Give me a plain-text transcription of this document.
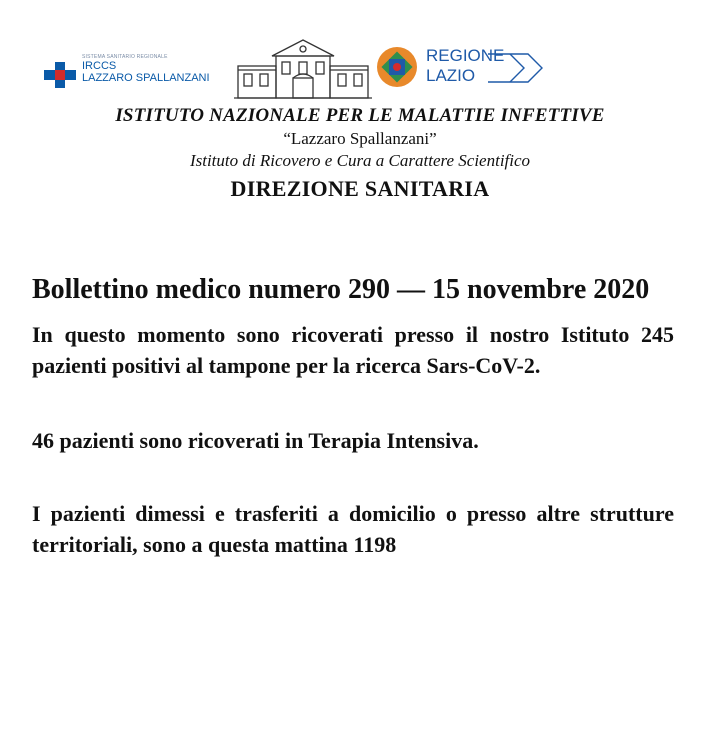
SISTEMA SANITARIO REGIONALE
IRCCS
LAZZARO SPALLANZANI
REGIONE
LAZIO
ISTITUTO NAZIONALE PER LE MALATTIE INFETTIVE
“Lazzaro Spallanzani”
Istituto di Ricovero e Cura a Carattere Scientifico
DIREZIONE SANITARIA

Bollettino medico numero 290 — 15 novembre 2020

In questo momento sono ricoverati presso il nostro Istituto 245 pazienti positivi al tampone per la ricerca Sars-CoV-2.

46 pazienti sono ricoverati in Terapia Intensiva.

I pazienti dimessi e trasferiti a domicilio o presso altre strutture territoriali, sono a questa mattina 1198
